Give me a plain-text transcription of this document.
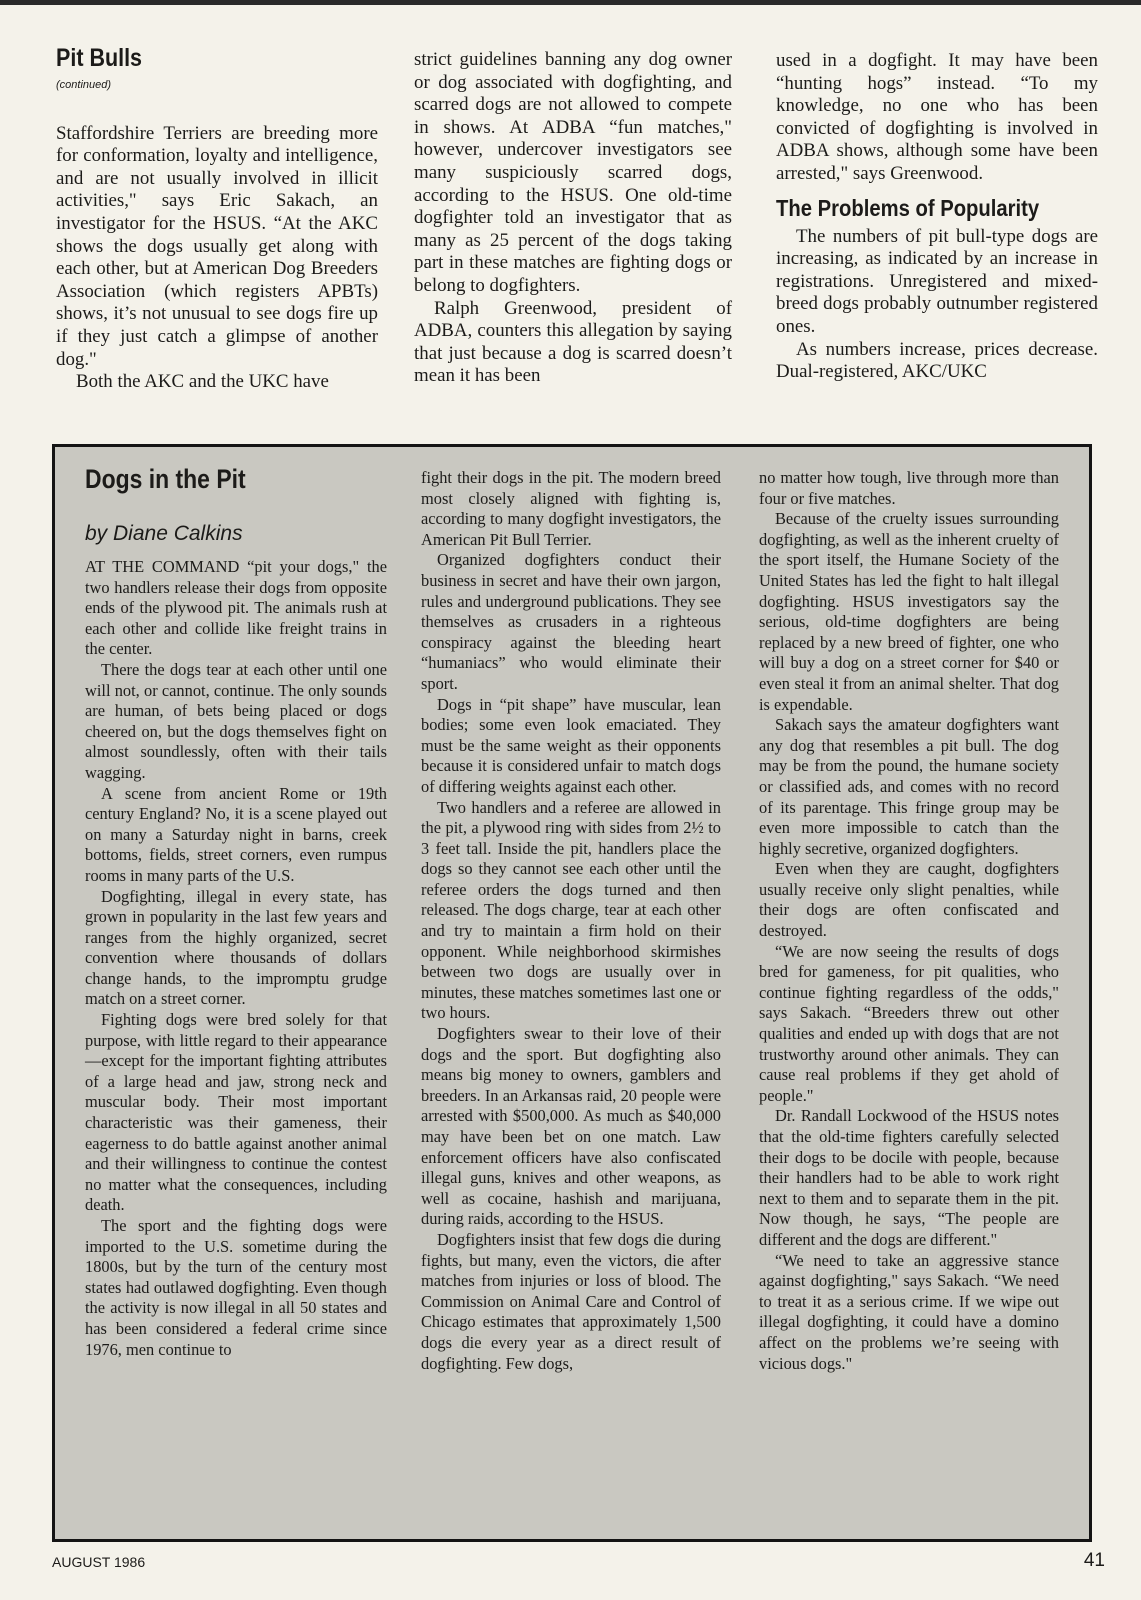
Pit Bulls
(continued)

Staffordshire Terriers are breeding more for conformation, loyalty and intelligence, and are not usually involved in illicit activities," says Eric Sakach, an investigator for the HSUS. “At the AKC shows the dogs usually get along with each other, but at American Dog Breeders Association (which registers APBTs) shows, it’s not unusual to see dogs fire up if they just catch a glimpse of another dog."

Both the AKC and the UKC have

strict guidelines banning any dog owner or dog associated with dogfighting, and scarred dogs are not allowed to compete in shows. At ADBA “fun matches," however, undercover investigators see many suspiciously scarred dogs, according to the HSUS. One old-time dogfighter told an investigator that as many as 25 percent of the dogs taking part in these matches are fighting dogs or belong to dogfighters.

Ralph Greenwood, president of ADBA, counters this allegation by saying that just because a dog is scarred doesn’t mean it has been

used in a dogfight. It may have been “hunting hogs” instead. “To my knowledge, no one who has been convicted of dogfighting is involved in ADBA shows, although some have been arrested," says Greenwood.

The Problems of Popularity

The numbers of pit bull-type dogs are increasing, as indicated by an increase in registrations. Unregistered and mixed-breed dogs probably outnumber registered ones.

As numbers increase, prices decrease. Dual-registered, AKC/UKC

Dogs in the Pit
by Diane Calkins

AT THE COMMAND “pit your dogs," the two handlers release their dogs from opposite ends of the plywood pit. The animals rush at each other and collide like freight trains in the center.

There the dogs tear at each other until one will not, or cannot, continue. The only sounds are human, of bets being placed or dogs cheered on, but the dogs themselves fight on almost soundlessly, often with their tails wagging.

A scene from ancient Rome or 19th century England? No, it is a scene played out on many a Saturday night in barns, creek bottoms, fields, street corners, even rumpus rooms in many parts of the U.S.

Dogfighting, illegal in every state, has grown in popularity in the last few years and ranges from the highly organized, secret convention where thousands of dollars change hands, to the impromptu grudge match on a street corner.

Fighting dogs were bred solely for that purpose, with little regard to their appearance—except for the important fighting attributes of a large head and jaw, strong neck and muscular body. Their most important characteristic was their gameness, their eagerness to do battle against another animal and their willingness to continue the contest no matter what the consequences, including death.

The sport and the fighting dogs were imported to the U.S. sometime during the 1800s, but by the turn of the century most states had outlawed dogfighting. Even though the activity is now illegal in all 50 states and has been considered a federal crime since 1976, men continue to

fight their dogs in the pit. The modern breed most closely aligned with fighting is, according to many dogfight investigators, the American Pit Bull Terrier.

Organized dogfighters conduct their business in secret and have their own jargon, rules and underground publications. They see themselves as crusaders in a righteous conspiracy against the bleeding heart “humaniacs” who would eliminate their sport.

Dogs in “pit shape” have muscular, lean bodies; some even look emaciated. They must be the same weight as their opponents because it is considered unfair to match dogs of differing weights against each other.

Two handlers and a referee are allowed in the pit, a plywood ring with sides from 2½ to 3 feet tall. Inside the pit, handlers place the dogs so they cannot see each other until the referee orders the dogs turned and then released. The dogs charge, tear at each other and try to maintain a firm hold on their opponent. While neighborhood skirmishes between two dogs are usually over in minutes, these matches sometimes last one or two hours.

Dogfighters swear to their love of their dogs and the sport. But dogfighting also means big money to owners, gamblers and breeders. In an Arkansas raid, 20 people were arrested with $500,000. As much as $40,000 may have been bet on one match. Law enforcement officers have also confiscated illegal guns, knives and other weapons, as well as cocaine, hashish and marijuana, during raids, according to the HSUS.

Dogfighters insist that few dogs die during fights, but many, even the victors, die after matches from injuries or loss of blood. The Commission on Animal Care and Control of Chicago estimates that approximately 1,500 dogs die every year as a direct result of dogfighting. Few dogs,

no matter how tough, live through more than four or five matches.

Because of the cruelty issues surrounding dogfighting, as well as the inherent cruelty of the sport itself, the Humane Society of the United States has led the fight to halt illegal dogfighting. HSUS investigators say the serious, old-time dogfighters are being replaced by a new breed of fighter, one who will buy a dog on a street corner for $40 or even steal it from an animal shelter. That dog is expendable.

Sakach says the amateur dogfighters want any dog that resembles a pit bull. The dog may be from the pound, the humane society or classified ads, and comes with no record of its parentage. This fringe group may be even more impossible to catch than the highly secretive, organized dogfighters.

Even when they are caught, dogfighters usually receive only slight penalties, while their dogs are often confiscated and destroyed.

“We are now seeing the results of dogs bred for gameness, for pit qualities, who continue fighting regardless of the odds," says Sakach. “Breeders threw out other qualities and ended up with dogs that are not trustworthy around other animals. They can cause real problems if they get ahold of people."

Dr. Randall Lockwood of the HSUS notes that the old-time fighters carefully selected their dogs to be docile with people, because their handlers had to be able to work right next to them and to separate them in the pit. Now though, he says, “The people are different and the dogs are different."

“We need to take an aggressive stance against dogfighting," says Sakach. “We need to treat it as a serious crime. If we wipe out illegal dogfighting, it could have a domino affect on the problems we’re seeing with vicious dogs."

AUGUST 1986	41
